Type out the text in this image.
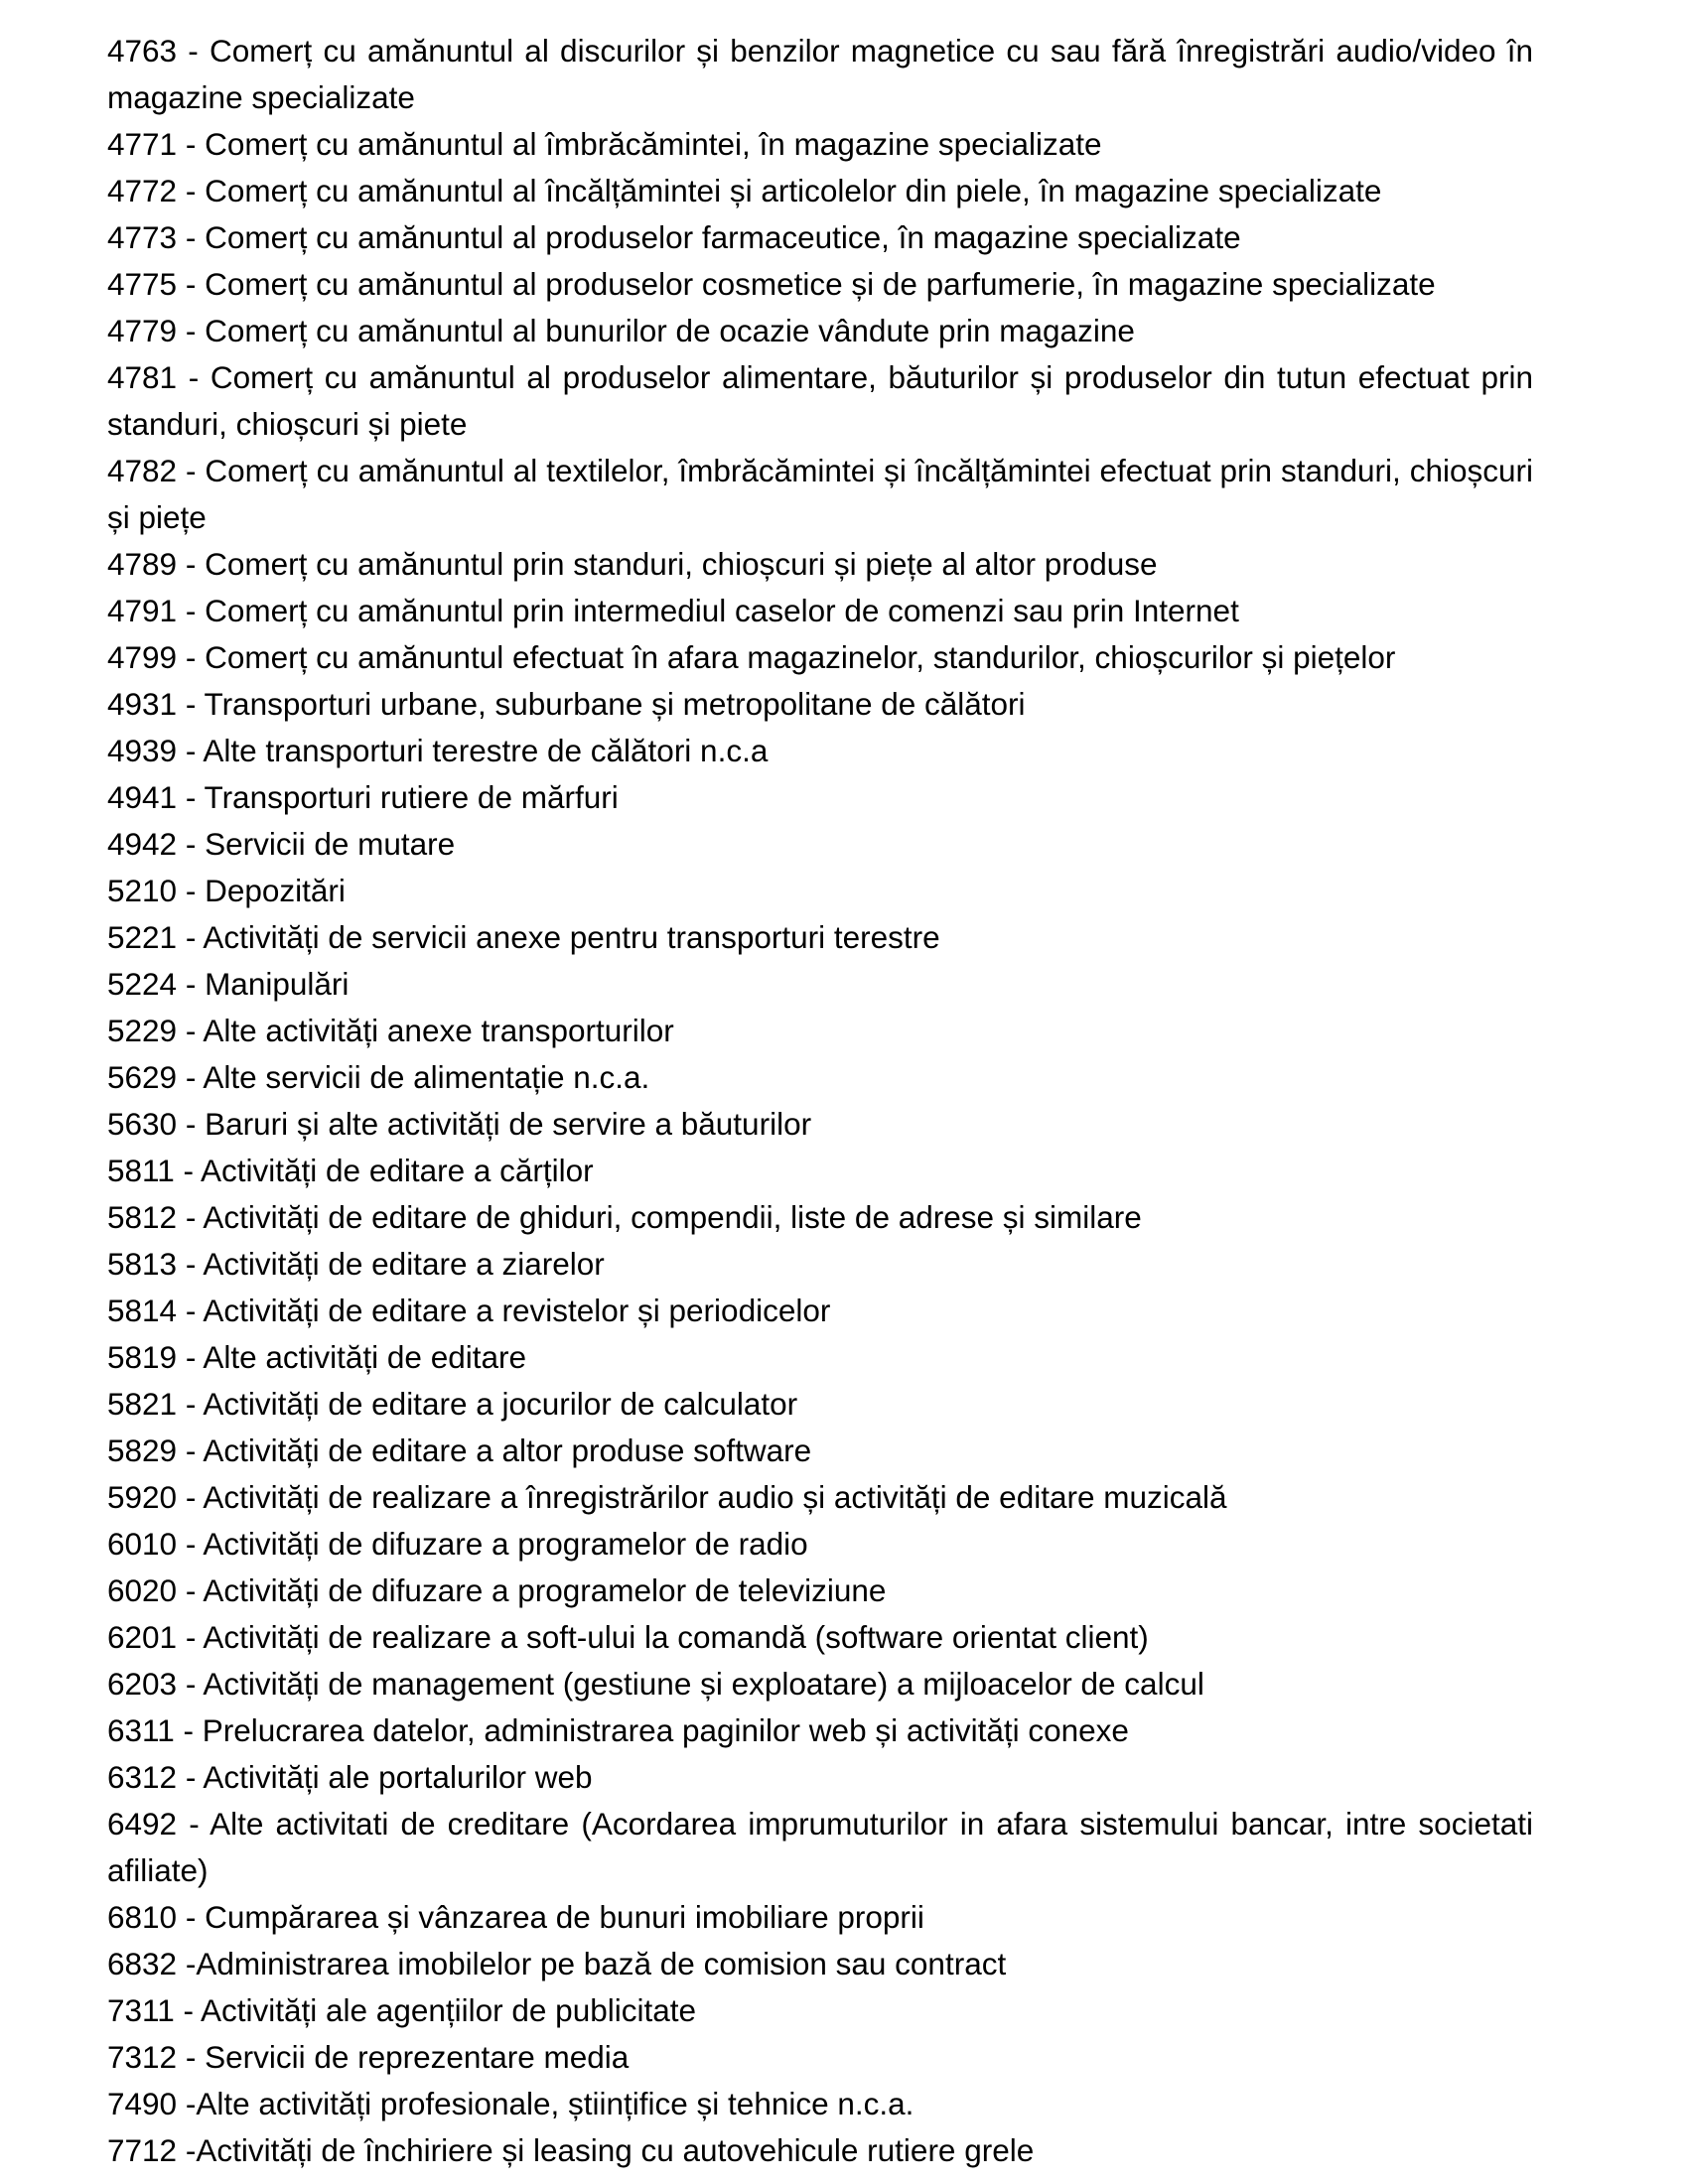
4763 - Comerț cu amănuntul al discurilor și benzilor magnetice cu sau fără înregistrări audio/video în magazine specializate

4771 - Comerț cu amănuntul al îmbrăcămintei, în magazine specializate

4772 - Comerț cu amănuntul al încălțămintei și articolelor din piele, în magazine specializate

4773 - Comerț cu amănuntul al produselor farmaceutice, în magazine specializate

4775 - Comerț cu amănuntul al produselor cosmetice și de parfumerie, în magazine specializate

4779 - Comerț cu amănuntul al bunurilor de ocazie vândute prin magazine

4781 - Comerț cu amănuntul al produselor alimentare, băuturilor și produselor din tutun efectuat prin standuri, chioșcuri și piete

4782 - Comerț cu amănuntul al textilelor, îmbrăcămintei și încălțămintei efectuat prin standuri, chioșcuri și piețe

4789 - Comerț cu amănuntul prin standuri, chioșcuri și piețe al altor produse

4791 - Comerț cu amănuntul prin intermediul caselor de comenzi sau prin Internet

4799 - Comerț cu amănuntul efectuat în afara magazinelor, standurilor, chioșcurilor și piețelor

4931 - Transporturi urbane, suburbane și metropolitane de călători

4939 - Alte transporturi terestre de călători n.c.a

4941 - Transporturi rutiere de mărfuri

4942 - Servicii de mutare

5210 - Depozitări

5221 - Activități de servicii anexe pentru transporturi terestre

5224 - Manipulări

5229 - Alte activități anexe transporturilor

5629 - Alte servicii de alimentație n.c.a.

5630 - Baruri și alte activități de servire a băuturilor

5811 - Activități de editare a cărților

5812 - Activități de editare de ghiduri, compendii, liste de adrese și similare

5813 - Activități de editare a ziarelor

5814 - Activități de editare a revistelor și periodicelor

5819 - Alte activități de editare

5821 - Activități de editare a jocurilor de calculator

5829 - Activități de editare a altor produse software

5920 - Activități de realizare a înregistrărilor audio și activități de editare muzicală

6010 - Activități de difuzare a programelor de radio

6020 - Activități de difuzare a programelor de televiziune

6201 - Activități de realizare a soft-ului la comandă (software orientat client)

6203 - Activități de management (gestiune și exploatare) a mijloacelor de calcul

6311 - Prelucrarea datelor, administrarea paginilor web și activități conexe

6312 - Activități ale portalurilor web

6492 - Alte activitati de creditare (Acordarea imprumuturilor in afara sistemului bancar, intre societati afiliate)

6810 - Cumpărarea și vânzarea de bunuri imobiliare proprii

6832 -Administrarea imobilelor pe bază de comision sau contract

7311 - Activități ale agențiilor de publicitate

7312 - Servicii de reprezentare media

7490 -Alte activități profesionale, științifice și tehnice n.c.a.

7712 -Activități de închiriere și leasing cu autovehicule rutiere grele
